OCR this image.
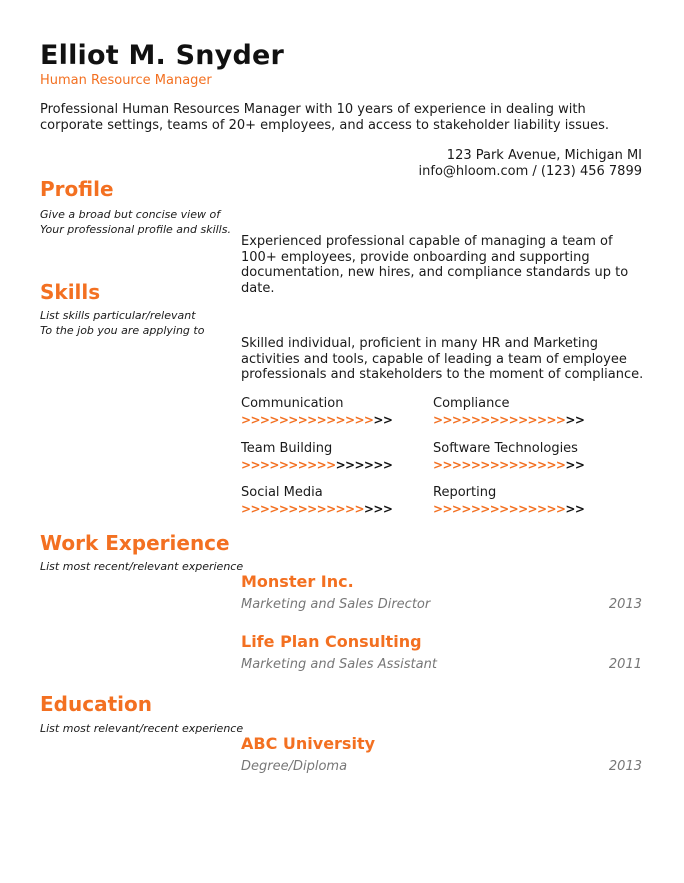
Elliot M. Snyder
Human Resource Manager
Professional Human Resources Manager with 10 years of experience in dealing with corporate settings, teams of 20+ employees, and access to stakeholder liability issues.
123 Park Avenue, Michigan MI
info@hloom.com / (123) 456 7899
Profile
Give a broad but concise view of
Your professional profile and skills.
Experienced professional capable of managing a team of 100+ employees, provide onboarding and supporting documentation, new hires, and compliance standards up to date.
Skills
List skills particular/relevant
To the job you are applying to
Skilled individual, proficient in many HR and Marketing activities and tools, capable of leading a team of employee professionals and stakeholders to the moment of compliance.
Communication
>>>>>>>>>>>>>>>>
Compliance
>>>>>>>>>>>>>>>>
Team Building
>>>>>>>>>>>>>>>>
Software Technologies
>>>>>>>>>>>>>>>>
Social Media
>>>>>>>>>>>>>>>>
Reporting
>>>>>>>>>>>>>>>>
Work Experience
List most recent/relevant experience
Monster Inc.
Marketing and Sales Director	2013
Life Plan Consulting
Marketing and Sales Assistant	2011
Education
List most relevant/recent experience
ABC University
Degree/Diploma	2013
